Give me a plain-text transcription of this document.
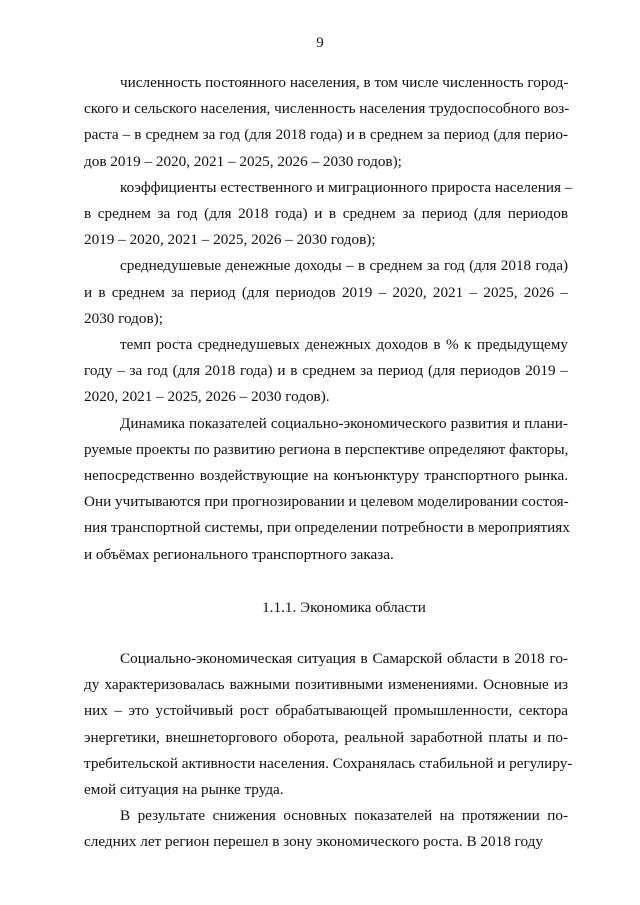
9
численность постоянного населения, в том числе численность город-
ского и сельского населения, численность населения трудоспособного воз-
раста – в среднем за год (для 2018 года) и в среднем за период (для перио-
дов 2019 – 2020, 2021 – 2025, 2026 – 2030 годов);
коэффициенты естественного и миграционного прироста населения –
в среднем за год (для 2018 года) и в среднем за период (для периодов
2019 – 2020, 2021 – 2025, 2026 – 2030 годов);
среднедушевые денежные доходы – в среднем за год (для 2018 года)
и в среднем за период (для периодов 2019 – 2020, 2021 – 2025, 2026 –
2030 годов);
темп роста среднедушевых денежных доходов в % к предыдущему
году – за год (для 2018 года) и в среднем за период (для периодов 2019 –
2020, 2021 – 2025, 2026 – 2030 годов).
Динамика показателей социально-экономического развития и плани-
руемые проекты по развитию региона в перспективе определяют факторы,
непосредственно воздействующие на конъюнктуру транспортного рынка.
Они учитываются при прогнозировании и целевом моделировании состоя-
ния транспортной системы, при определении потребности в мероприятиях
и объёмах регионального транспортного заказа.
1.1.1. Экономика области
Социально-экономическая ситуация в Самарской области в 2018 го-
ду характеризовалась важными позитивными изменениями. Основные из
них – это устойчивый рост обрабатывающей промышленности, сектора
энергетики, внешнеторгового оборота, реальной заработной платы и по-
требительской активности населения. Сохранялась стабильной и регулиру-
емой ситуация на рынке труда.
В результате снижения основных показателей на протяжении по-
следних лет регион перешел в зону экономического роста. В 2018 году
